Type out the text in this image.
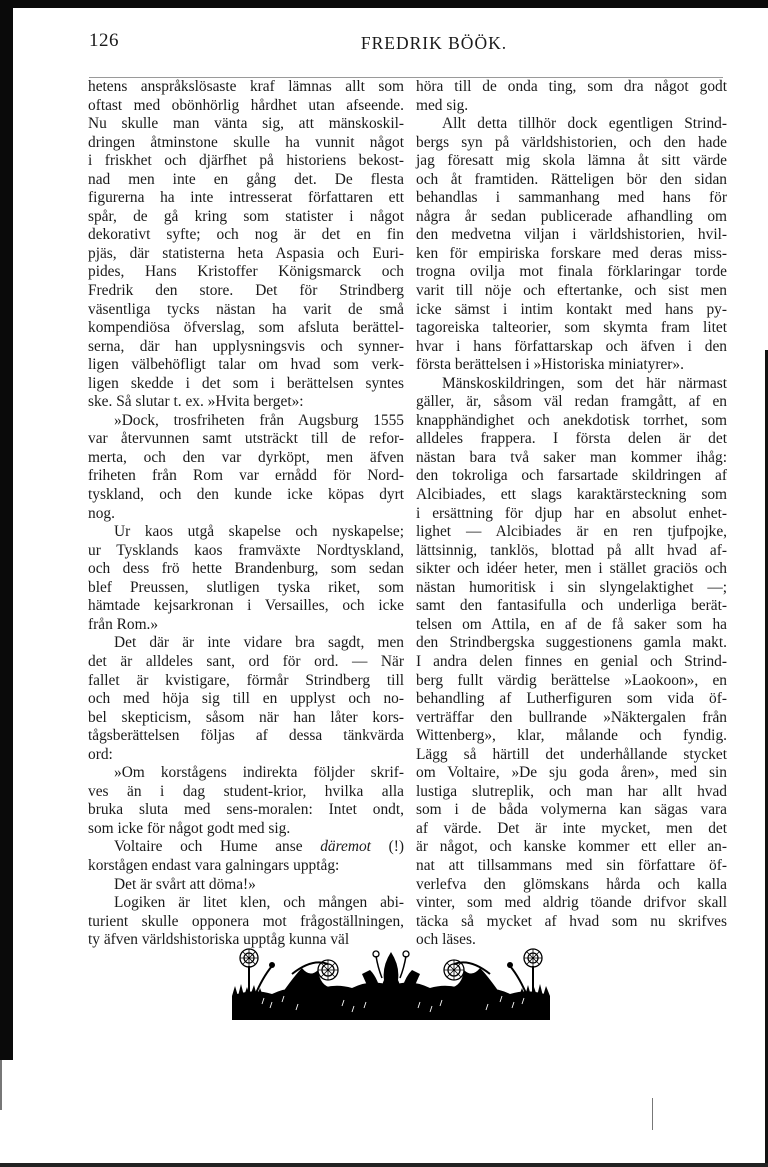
126	FREDRIK BÖÖK.

hetens anspråkslösaste kraf lämnas allt som
oftast med obönhörlig hårdhet utan afseende.
Nu skulle man vänta sig, att mänskoskil-
dringen åtminstone skulle ha vunnit något
i friskhet och djärfhet på historiens bekost-
nad men inte en gång det. De flesta
figurerna ha inte intresserat författaren ett
spår, de gå kring som statister i något
dekorativt syfte; och nog är det en fin
pjäs, där statisterna heta Aspasia och Euri-
pides, Hans Kristoffer Königsmarck och
Fredrik den store. Det för Strindberg
väsentliga tycks nästan ha varit de små
kompendiösa öfverslag, som afsluta berättel-
serna, där han upplysningsvis och synner-
ligen välbehöfligt talar om hvad som verk-
ligen skedde i det som i berättelsen syntes
ske. Så slutar t. ex. »Hvita berget»:

»Dock, trosfriheten från Augsburg 1555
var återvunnen samt utsträckt till de refor-
merta, och den var dyrköpt, men äfven
friheten från Rom var ernådd för Nord-
tyskland, och den kunde icke köpas dyrt
nog.

Ur kaos utgå skapelse och nyskapelse;
ur Tysklands kaos framväxte Nordtyskland,
och dess frö hette Brandenburg, som sedan
blef Preussen, slutligen tyska riket, som
hämtade kejsarkronan i Versailles, och icke
från Rom.»

Det där är inte vidare bra sagdt, men
det är alldeles sant, ord för ord. — När
fallet är kvistigare, förmår Strindberg till
och med höja sig till en upplyst och no-
bel skepticism, såsom när han låter kors-
tågsberättelsen följas af dessa tänkvärda
ord:

»Om korstågens indirekta följder skrif-
ves än i dag student-krior, hvilka alla
bruka sluta med sens-moralen: Intet ondt,
som icke för något godt med sig.

Voltaire och Hume anse däremot (!)
korstågen endast vara galningars upptåg:

Det är svårt att döma!»

Logiken är litet klen, och mången abi-
turient skulle opponera mot frågoställningen,
ty äfven världshistoriska upptåg kunna väl

höra till de onda ting, som dra något godt
med sig.

Allt detta tillhör dock egentligen Strind-
bergs syn på världshistorien, och den hade
jag föresatt mig skola lämna åt sitt värde
och åt framtiden. Rätteligen bör den sidan
behandlas i sammanhang med hans för
några år sedan publicerade afhandling om
den medvetna viljan i världshistorien, hvil-
ken för empiriska forskare med deras miss-
trogna ovilja mot finala förklaringar torde
varit till nöje och eftertanke, och sist men
icke sämst i intim kontakt med hans py-
tagoreiska talteorier, som skymta fram litet
hvar i hans författarskap och äfven i den
första berättelsen i »Historiska miniatyrer».

Mänskoskildringen, som det här närmast
gäller, är, såsom väl redan framgått, af en
knapphändighet och anekdotisk torrhet, som
alldeles frappera. I första delen är det
nästan bara två saker man kommer ihåg:
den tokroliga och farsartade skildringen af
Alcibiades, ett slags karaktärsteckning som
i ersättning för djup har en absolut enhet-
lighet — Alcibiades är en ren tjufpojke,
lättsinnig, tanklös, blottad på allt hvad af-
sikter och idéer heter, men i stället graciös och
nästan humoritisk i sin slyngelaktighet —;
samt den fantasifulla och underliga berät-
telsen om Attila, en af de få saker som ha
den Strindbergska suggestionens gamla makt.
I andra delen finnes en genial och Strind-
berg fullt värdig berättelse »Laokoon», en
behandling af Lutherfiguren som vida öf-
verträffar den bullrande »Näktergalen från
Wittenberg», klar, målande och fyndig.
Lägg så härtill det underhållande stycket
om Voltaire, »De sju goda åren», med sin
lustiga slutreplik, och man har allt hvad
som i de båda volymerna kan sägas vara
af värde. Det är inte mycket, men det
är något, och kanske kommer ett eller an-
nat att tillsammans med sin författare öf-
verlefva den glömskans hårda och kalla
vinter, som med aldrig töande drifvor skall
täcka så mycket af hvad som nu skrifves
och läses.
